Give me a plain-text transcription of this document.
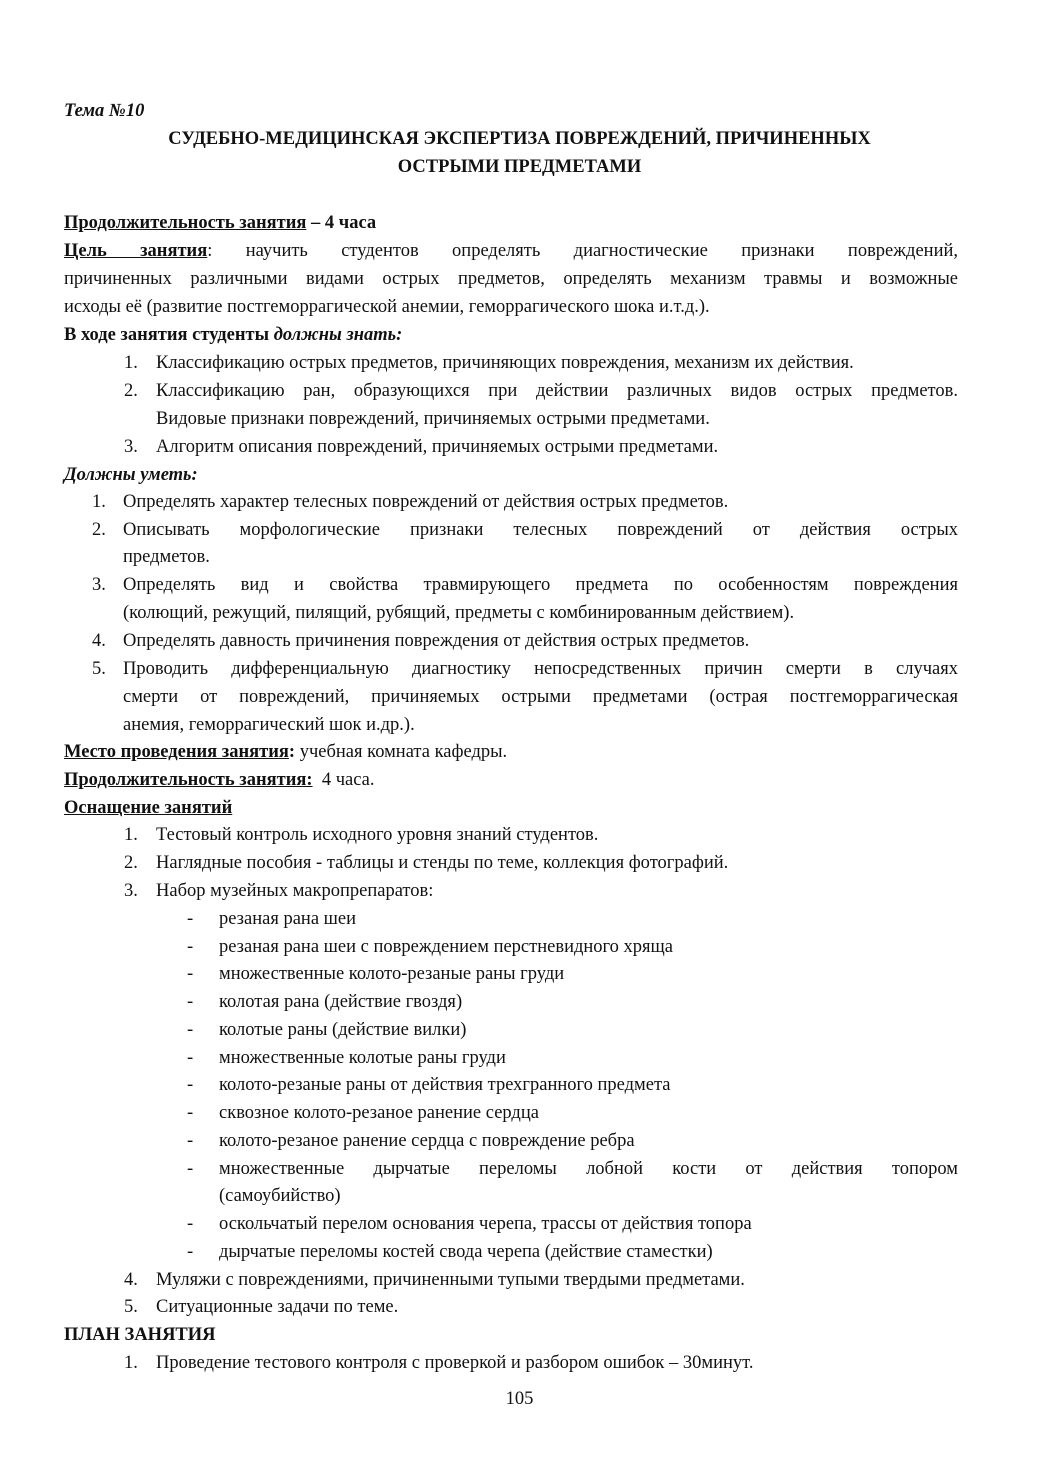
Тема №10
СУДЕБНО-МЕДИЦИНСКАЯ ЭКСПЕРТИЗА ПОВРЕЖДЕНИЙ, ПРИЧИНЕННЫХ
ОСТРЫМИ ПРЕДМЕТАМИ
Продолжительность занятия – 4 часа
Цель занятия: научить студентов определять диагностические признаки повреждений,
причиненных различными видами острых предметов, определять механизм травмы и возможные
исходы её (развитие постгеморрагической анемии, геморрагического шока и.т.д.).
В ходе занятия студенты должны знать:
1. Классификацию острых предметов, причиняющих повреждения, механизм их действия.
2. Классификацию ран, образующихся при действии различных видов острых предметов.
Видовые признаки повреждений, причиняемых острыми предметами.
3. Алгоритм описания повреждений, причиняемых острыми предметами.
Должны уметь:
1. Определять характер телесных повреждений от действия острых предметов.
2. Описывать морфологические признаки телесных повреждений от действия острых
предметов.
3. Определять вид и свойства травмирующего предмета по особенностям повреждения
(колющий, режущий, пилящий, рубящий, предметы с комбинированным действием).
4. Определять давность причинения повреждения от действия острых предметов.
5. Проводить дифференциальную диагностику непосредственных причин смерти в случаях
смерти от повреждений, причиняемых острыми предметами (острая постгеморрагическая
анемия, геморрагический шок и.др.).
Место проведения занятия: учебная комната кафедры.
Продолжительность занятия:  4 часа.
Оснащение занятий
1. Тестовый контроль исходного уровня знаний студентов.
2. Наглядные пособия - таблицы и стенды по теме, коллекция фотографий.
3. Набор музейных макропрепаратов:
- резаная рана шеи
- резаная рана шеи с повреждением перстневидного хряща
- множественные колото-резаные раны груди
- колотая рана (действие гвоздя)
- колотые раны (действие вилки)
- множественные колотые раны груди
- колото-резаные раны от действия трехгранного предмета
- сквозное колото-резаное ранение сердца
- колото-резаное ранение сердца с повреждение ребра
- множественные дырчатые переломы лобной кости от действия топором
(самоубийство)
- оскольчатый перелом основания черепа, трассы от действия топора
- дырчатые переломы костей свода черепа (действие стаместки)
4. Муляжи с повреждениями, причиненными тупыми твердыми предметами.
5. Ситуационные задачи по теме.
ПЛАН ЗАНЯТИЯ
1. Проведение тестового контроля с проверкой и разбором ошибок – 30минут.
105
